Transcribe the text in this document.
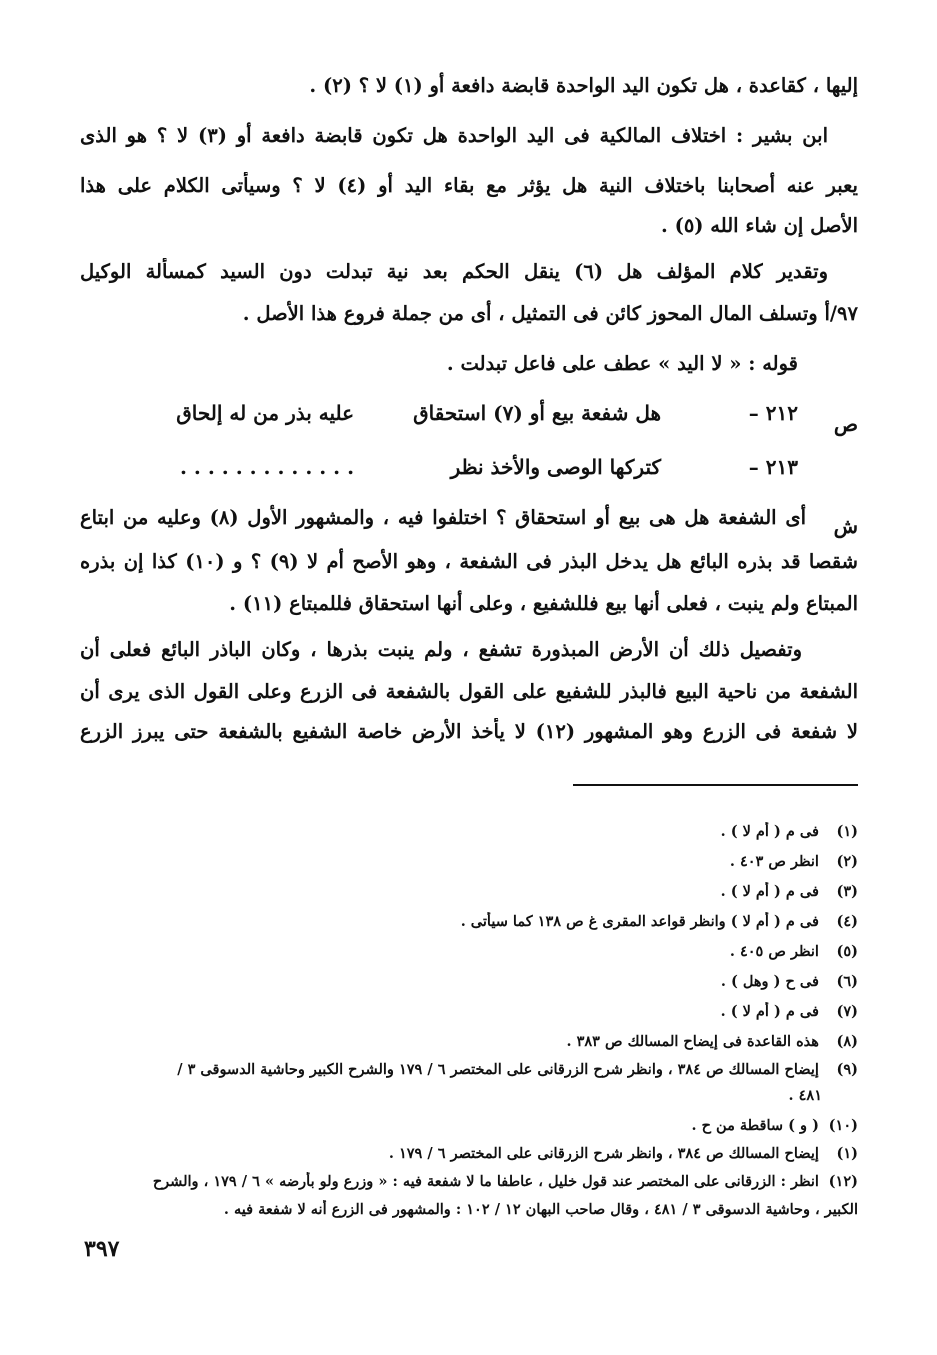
إليها ، كقاعدة ، هل تكون اليد الواحدة قابضة دافعة أو (١) لا ؟ (٢) .
ابن بشير : اختلاف المالكية فى اليد الواحدة هل تكون قابضة دافعة أو (٣) لا ؟ هو الذى
يعبر عنه أصحابنا باختلاف النية هل يؤثر مع بقاء اليد أو (٤) لا ؟ وسيأتى الكلام على هذا
الأصل إن شاء الله (٥) .
وتقدير كلام المؤلف هل (٦) ينقل الحكم بعد نية تبدلت دون السيد كمسألة الوكيل
٩٧/أ وتسلف المال المحوز كائن فى التمثيل ، أى من جملة فروع هذا الأصل .
قوله : « لا اليد » عطف على فاعل تبدلت .
ص
٢١٢ – هل شفعة بيع أو (٧) استحقاق عليه بذر من له إلحاق
٢١٣ – كتركها الوصى والأخذ نظر . . . . . . . . . . . . .
ش
أى الشفعة هل هى بيع أو استحقاق ؟ اختلفوا فيه ، والمشهور الأول (٨) وعليه من ابتاع
شقصا قد بذره البائع هل يدخل البذر فى الشفعة ، وهو الأصح أم لا (٩) ؟ و (١٠) كذا إن بذره
المبتاع ولم ينبت ، فعلى أنها بيع فللشفيع ، وعلى أنها استحقاق فللمبتاع (١١) .
وتفصيل ذلك أن الأرض المبذورة تشفع ، ولم ينبت بذرها ، وكان الباذر البائع فعلى أن
الشفعة من ناحية البيع فالبذر للشفيع على القول بالشفعة فى الزرع وعلى القول الذى يرى أن
لا شفعة فى الزرع وهو المشهور (١٢) لا يأخذ الأرض خاصة الشفيع بالشفعة حتى يبرز الزرع
(١) فى م ( أم لا ) .
(٢) انظر ص ٤٠٣ .
(٣) فى م ( أم لا ) .
(٤) فى م ( أم لا ) وانظر قواعد المقرى غ ص ١٣٨ كما سيأتى .
(٥) انظر ص ٤٠٥ .
(٦) فى ح ( وهل ) .
(٧) فى م ( أم لا ) .
(٨) هذه القاعدة فى إيضاح المسالك ص ٣٨٣ .
(٩) إيضاح المسالك ص ٣٨٤ ، وانظر شرح الزرقانى على المختصر ٦ / ١٧٩ والشرح الكبير وحاشية الدسوقى ٣ /
٤٨١ .
(١٠) ( و ) ساقطة من ح .
(١) إيضاح المسالك ص ٣٨٤ ، وانظر شرح الزرقانى على المختصر ٦ / ١٧٩ .
(١٢) انظر : الزرقانى على المختصر عند قول خليل ، عاطفا ما لا شفعة فيه : « وزرع ولو بأرضه » ٦ / ١٧٩ ، والشرح
الكبير ، وحاشية الدسوقى ٣ / ٤٨١ ، وقال صاحب البهان ١٢ / ١٠٢ : والمشهور فى الزرع أنه لا شفعة فيه .
٣٩٧
